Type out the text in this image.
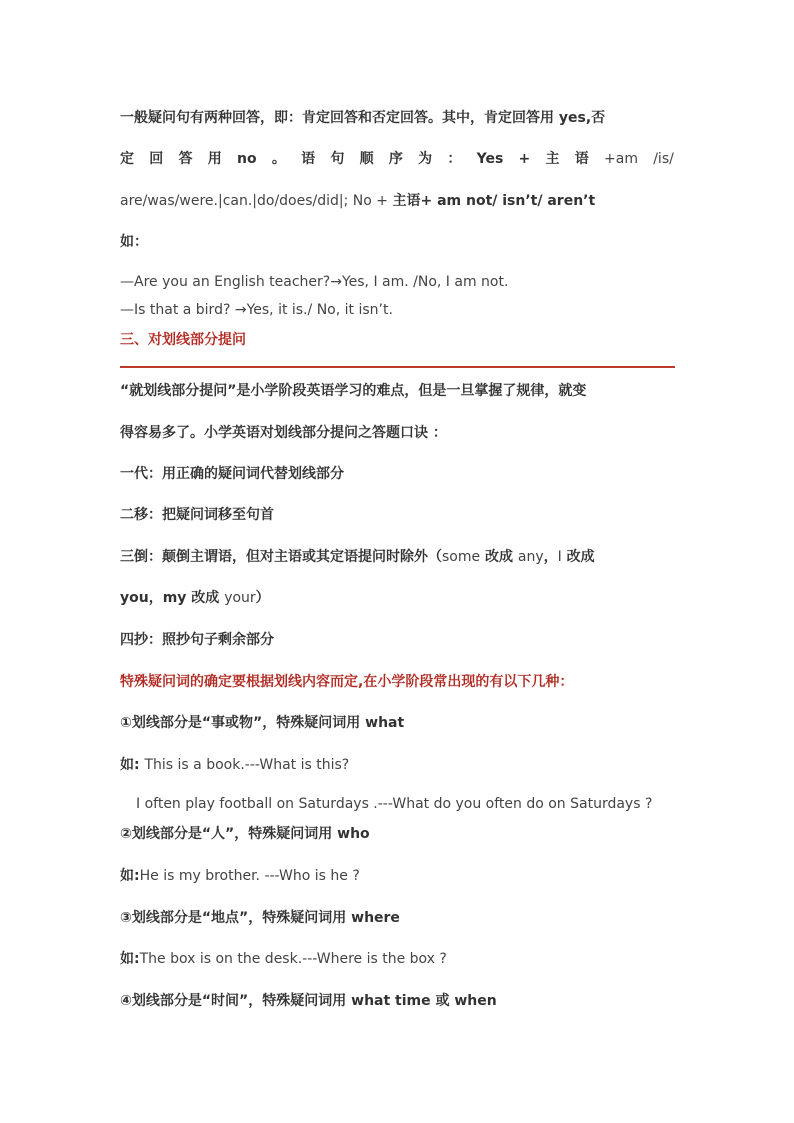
一般疑问句有两种回答，即：肯定回答和否定回答。其中，肯定回答用 yes,否
定 回 答 用 no 。 语 句 顺 序 为 ： Yes + 主 语 +am /is/
are/was/were.|can.|do/does/did|; No + 主语+ am not/ isn’t/ aren’t
如：
—Are you an English teacher?→Yes, I am. /No, I am not.
—Is that a bird? →Yes, it is./ No, it isn’t.
三、对划线部分提问
“就划线部分提问”是小学阶段英语学习的难点，但是一旦掌握了规律，就变
得容易多了。小学英语对划线部分提问之答题口诀 ：
一代：用正确的疑问词代替划线部分
二移：把疑问词移至句首
三倒：颠倒主谓语，但对主语或其定语提问时除外（some 改成 any，I 改成
you，my 改成 your）
四抄：照抄句子剩余部分
特殊疑问词的确定要根据划线内容而定,在小学阶段常出现的有以下几种：
①划线部分是“事或物”，特殊疑问词用 what
如: This is a book.---What is this?
I often play football on Saturdays .---What do you often do on Saturdays ?
②划线部分是“人”，特殊疑问词用 who
如:He is my brother. ---Who is he ?
③划线部分是“地点”，特殊疑问词用 where
如:The box is on the desk.---Where is the box ?
④划线部分是“时间”，特殊疑问词用 what time 或 when
